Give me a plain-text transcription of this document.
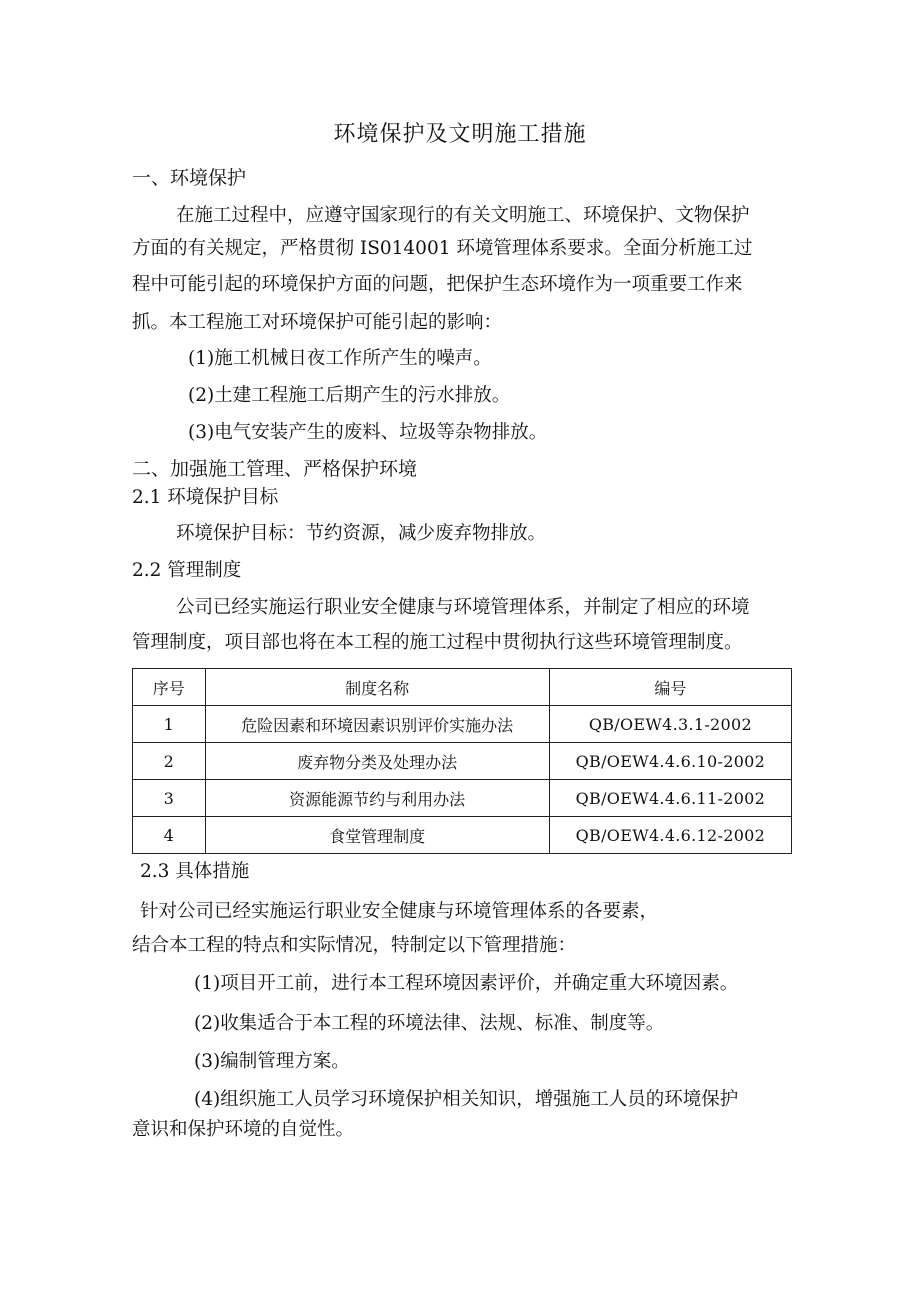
环境保护及文明施工措施
一、环境保护
在施工过程中，应遵守国家现行的有关文明施工、环境保护、文物保护
方面的有关规定，严格贯彻 IS014001 环境管理体系要求。全面分析施工过
程中可能引起的环境保护方面的问题，把保护生态环境作为一项重要工作来
抓。本工程施工对环境保护可能引起的影响：
(1)施工机械日夜工作所产生的噪声。
(2)土建工程施工后期产生的污水排放。
(3)电气安装产生的废料、垃圾等杂物排放。
二、加强施工管理、严格保护环境
2.1 环境保护目标
环境保护目标：节约资源，减少废弃物排放。
2.2 管理制度
公司已经实施运行职业安全健康与环境管理体系，并制定了相应的环境
管理制度，项目部也将在本工程的施工过程中贯彻执行这些环境管理制度。
序号	制度名称	编号
1	危险因素和环境因素识别评价实施办法	QB/OEW4.3.1-2002
2	废弃物分类及处理办法	QB/OEW4.4.6.10-2002
3	资源能源节约与利用办法	QB/OEW4.4.6.11-2002
4	食堂管理制度	QB/OEW4.4.6.12-2002
2.3 具体措施
针对公司已经实施运行职业安全健康与环境管理体系的各要素，
结合本工程的特点和实际情况，特制定以下管理措施：
(1)项目开工前，进行本工程环境因素评价，并确定重大环境因素。
(2)收集适合于本工程的环境法律、法规、标准、制度等。
(3)编制管理方案。
(4)组织施工人员学习环境保护相关知识，增强施工人员的环境保护
意识和保护环境的自觉性。
